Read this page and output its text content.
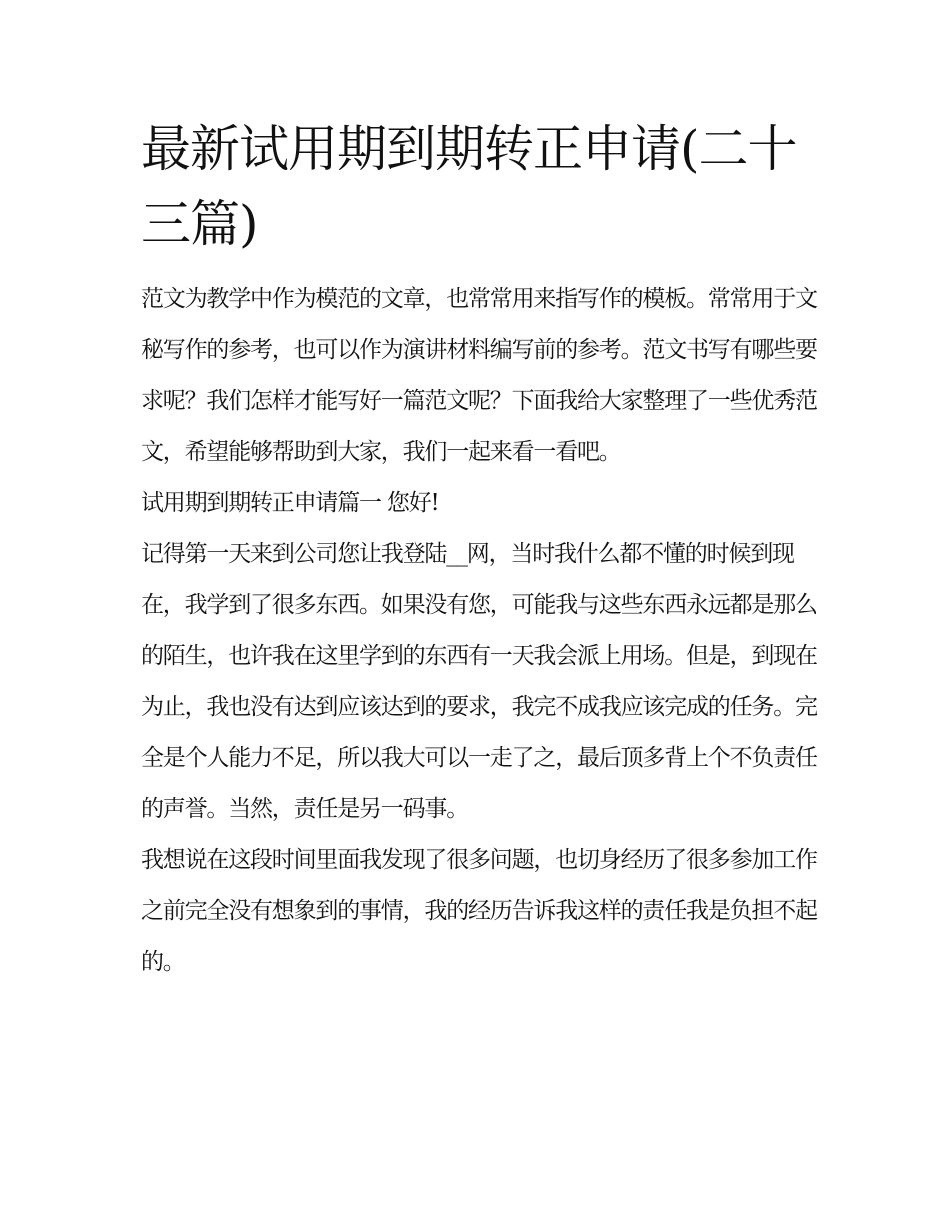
最新试用期到期转正申请(二十三篇)

范文为教学中作为模范的文章，也常常用来指写作的模板。常常用于文秘写作的参考，也可以作为演讲材料编写前的参考。范文书写有哪些要求呢？我们怎样才能写好一篇范文呢？下面我给大家整理了一些优秀范文，希望能够帮助到大家，我们一起来看一看吧。

试用期到期转正申请篇一 您好!

记得第一天来到公司您让我登陆__网，当时我什么都不懂的时候到现在，我学到了很多东西。如果没有您，可能我与这些东西永远都是那么的陌生，也许我在这里学到的东西有一天我会派上用场。但是，到现在为止，我也没有达到应该达到的要求，我完不成我应该完成的任务。完全是个人能力不足，所以我大可以一走了之，最后顶多背上个不负责任的声誉。当然，责任是另一码事。

我想说在这段时间里面我发现了很多问题，也切身经历了很多参加工作之前完全没有想象到的事情，我的经历告诉我这样的责任我是负担不起的。
